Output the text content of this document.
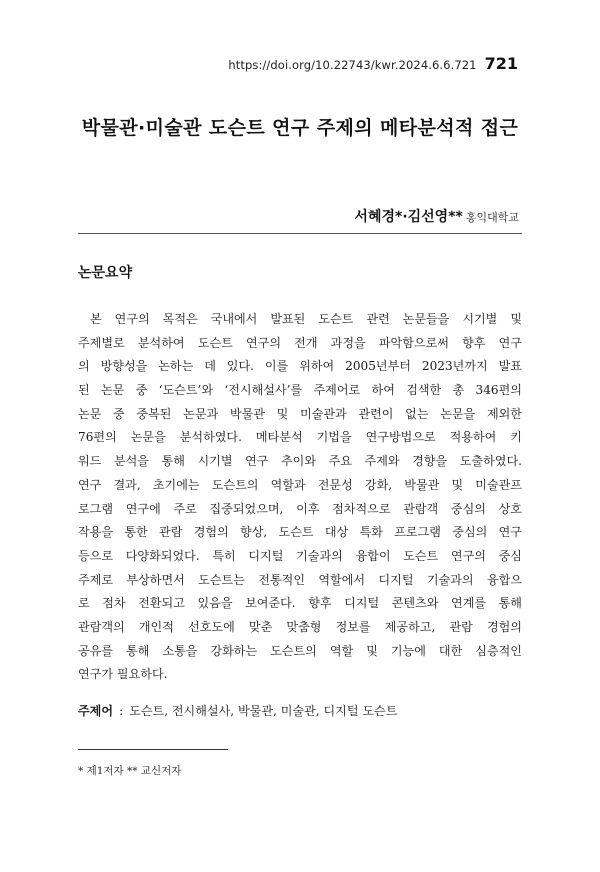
https://doi.org/10.22743/kwr.2024.6.6.721 721
박물관·미술관 도슨트 연구 주제의 메타분석적 접근
서혜경*·김선영** 홍익대학교
논문요약
본 연구의 목적은 국내에서 발표된 도슨트 관련 논문들을 시기별 및
주제별로 분석하여 도슨트 연구의 전개 과정을 파악함으로써 향후 연구
의 방향성을 논하는 데 있다. 이를 위하여 2005년부터 2023년까지 발표
된 논문 중 ‘도슨트’와 ‘전시해설사’를 주제어로 하여 검색한 총 346편의
논문 중 중복된 논문과 박물관 및 미술관과 관련이 없는 논문을 제외한
76편의 논문을 분석하였다. 메타분석 기법을 연구방법으로 적용하여 키
워드 분석을 통해 시기별 연구 추이와 주요 주제와 경향을 도출하였다.
연구 결과, 초기에는 도슨트의 역할과 전문성 강화, 박물관 및 미술관프
로그램 연구에 주로 집중되었으며, 이후 점차적으로 관람객 중심의 상호
작용을 통한 관람 경험의 향상, 도슨트 대상 특화 프로그램 중심의 연구
등으로 다양화되었다. 특히 디지털 기술과의 융합이 도슨트 연구의 중심
주제로 부상하면서 도슨트는 전통적인 역할에서 디지털 기술과의 융합으
로 점차 전환되고 있음을 보여준다. 향후 디지털 콘텐츠와 연계를 통해
관람객의 개인적 선호도에 맞춘 맞춤형 정보를 제공하고, 관람 경험의
공유를 통해 소통을 강화하는 도슨트의 역할 및 기능에 대한 심층적인
연구가 필요하다.
주제어 : 도슨트, 전시해설사, 박물관, 미술관, 디지털 도슨트
* 제1저자 ** 교신저자
